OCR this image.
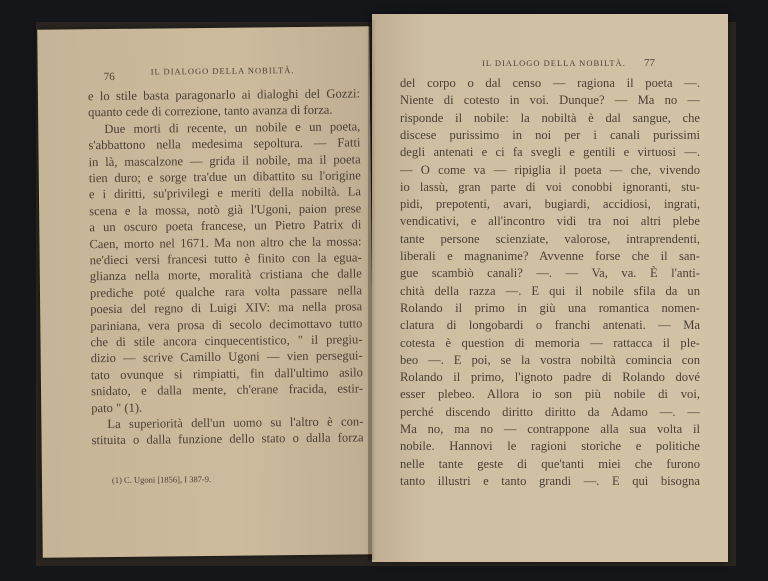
76
IL DIALOGO DELLA NOBILTÀ.
e lo stile basta paragonarlo ai dialoghi del Gozzi:
quanto cede di correzione, tanto avanza di forza.
Due morti di recente, un nobile e un poeta,
s'abbattono nella medesima sepoltura. — Fatti
in là, mascalzone — grida il nobile, ma il poeta
tien duro; e sorge tra'due un dibattito su l'origine
e i diritti, su'privilegi e meriti della nobiltà. La
scena e la mossa, notò già l'Ugoni, paion prese
a un oscuro poeta francese, un Pietro Patrix di
Caen, morto nel 1671. Ma non altro che la mossa:
ne'dieci versi francesi tutto è finito con la egua-
glianza nella morte, moralità cristiana che dalle
prediche poté qualche rara volta passare nella
poesia del regno di Luigi XIV: ma nella prosa
pariniana, vera prosa di secolo decimottavo tutto
che di stile ancora cinquecentistico, " il pregiu-
dizio — scrive Camillo Ugoni — vien persegui-
tato ovunque si rimpiatti, fin dall'ultimo asilo
snidato, e dalla mente, ch'erane fracida, estir-
pato " (1).
La superiorità dell'un uomo su l'altro è con-
stituita o dalla funzione dello stato o dalla forza
(1) C. Ugoni [1856], I 387-9.
IL DIALOGO DELLA NOBILTÀ. 77
del corpo o dal censo — ragiona il poeta —.
Niente di cotesto in voi. Dunque? — Ma no —
risponde il nobile: la nobiltà è dal sangue, che
discese purissimo in noi per i canali purissimi
degli antenati e ci fa svegli e gentili e virtuosi —.
— O come va — ripiglia il poeta — che, vivendo
io lassù, gran parte di voi conobbi ignoranti, stu-
pidi, prepotenti, avari, bugiardi, accidiosi, ingrati,
vendicativi, e all'incontro vidi tra noi altri plebe
tante persone scienziate, valorose, intraprendenti,
liberali e magnanime? Avvenne forse che il san-
gue scambiò canali? —. — Va, va. È l'anti-
chità della razza —. E qui il nobile sfila da un
Rolando il primo in giù una romantica nomen-
clatura di longobardi o franchi antenati. — Ma
cotesta è question di memoria — rattacca il ple-
beo —. E poi, se la vostra nobiltà comincia con
Rolando il primo, l'ignoto padre di Rolando dové
esser plebeo. Allora io son più nobile di voi,
perché discendo diritto diritto da Adamo —. —
Ma no, ma no — contrappone alla sua volta il
nobile. Hannovi le ragioni storiche e politiche
nelle tante geste di que'tanti miei che furono
tanto illustri e tanto grandi —. E qui bisogna
